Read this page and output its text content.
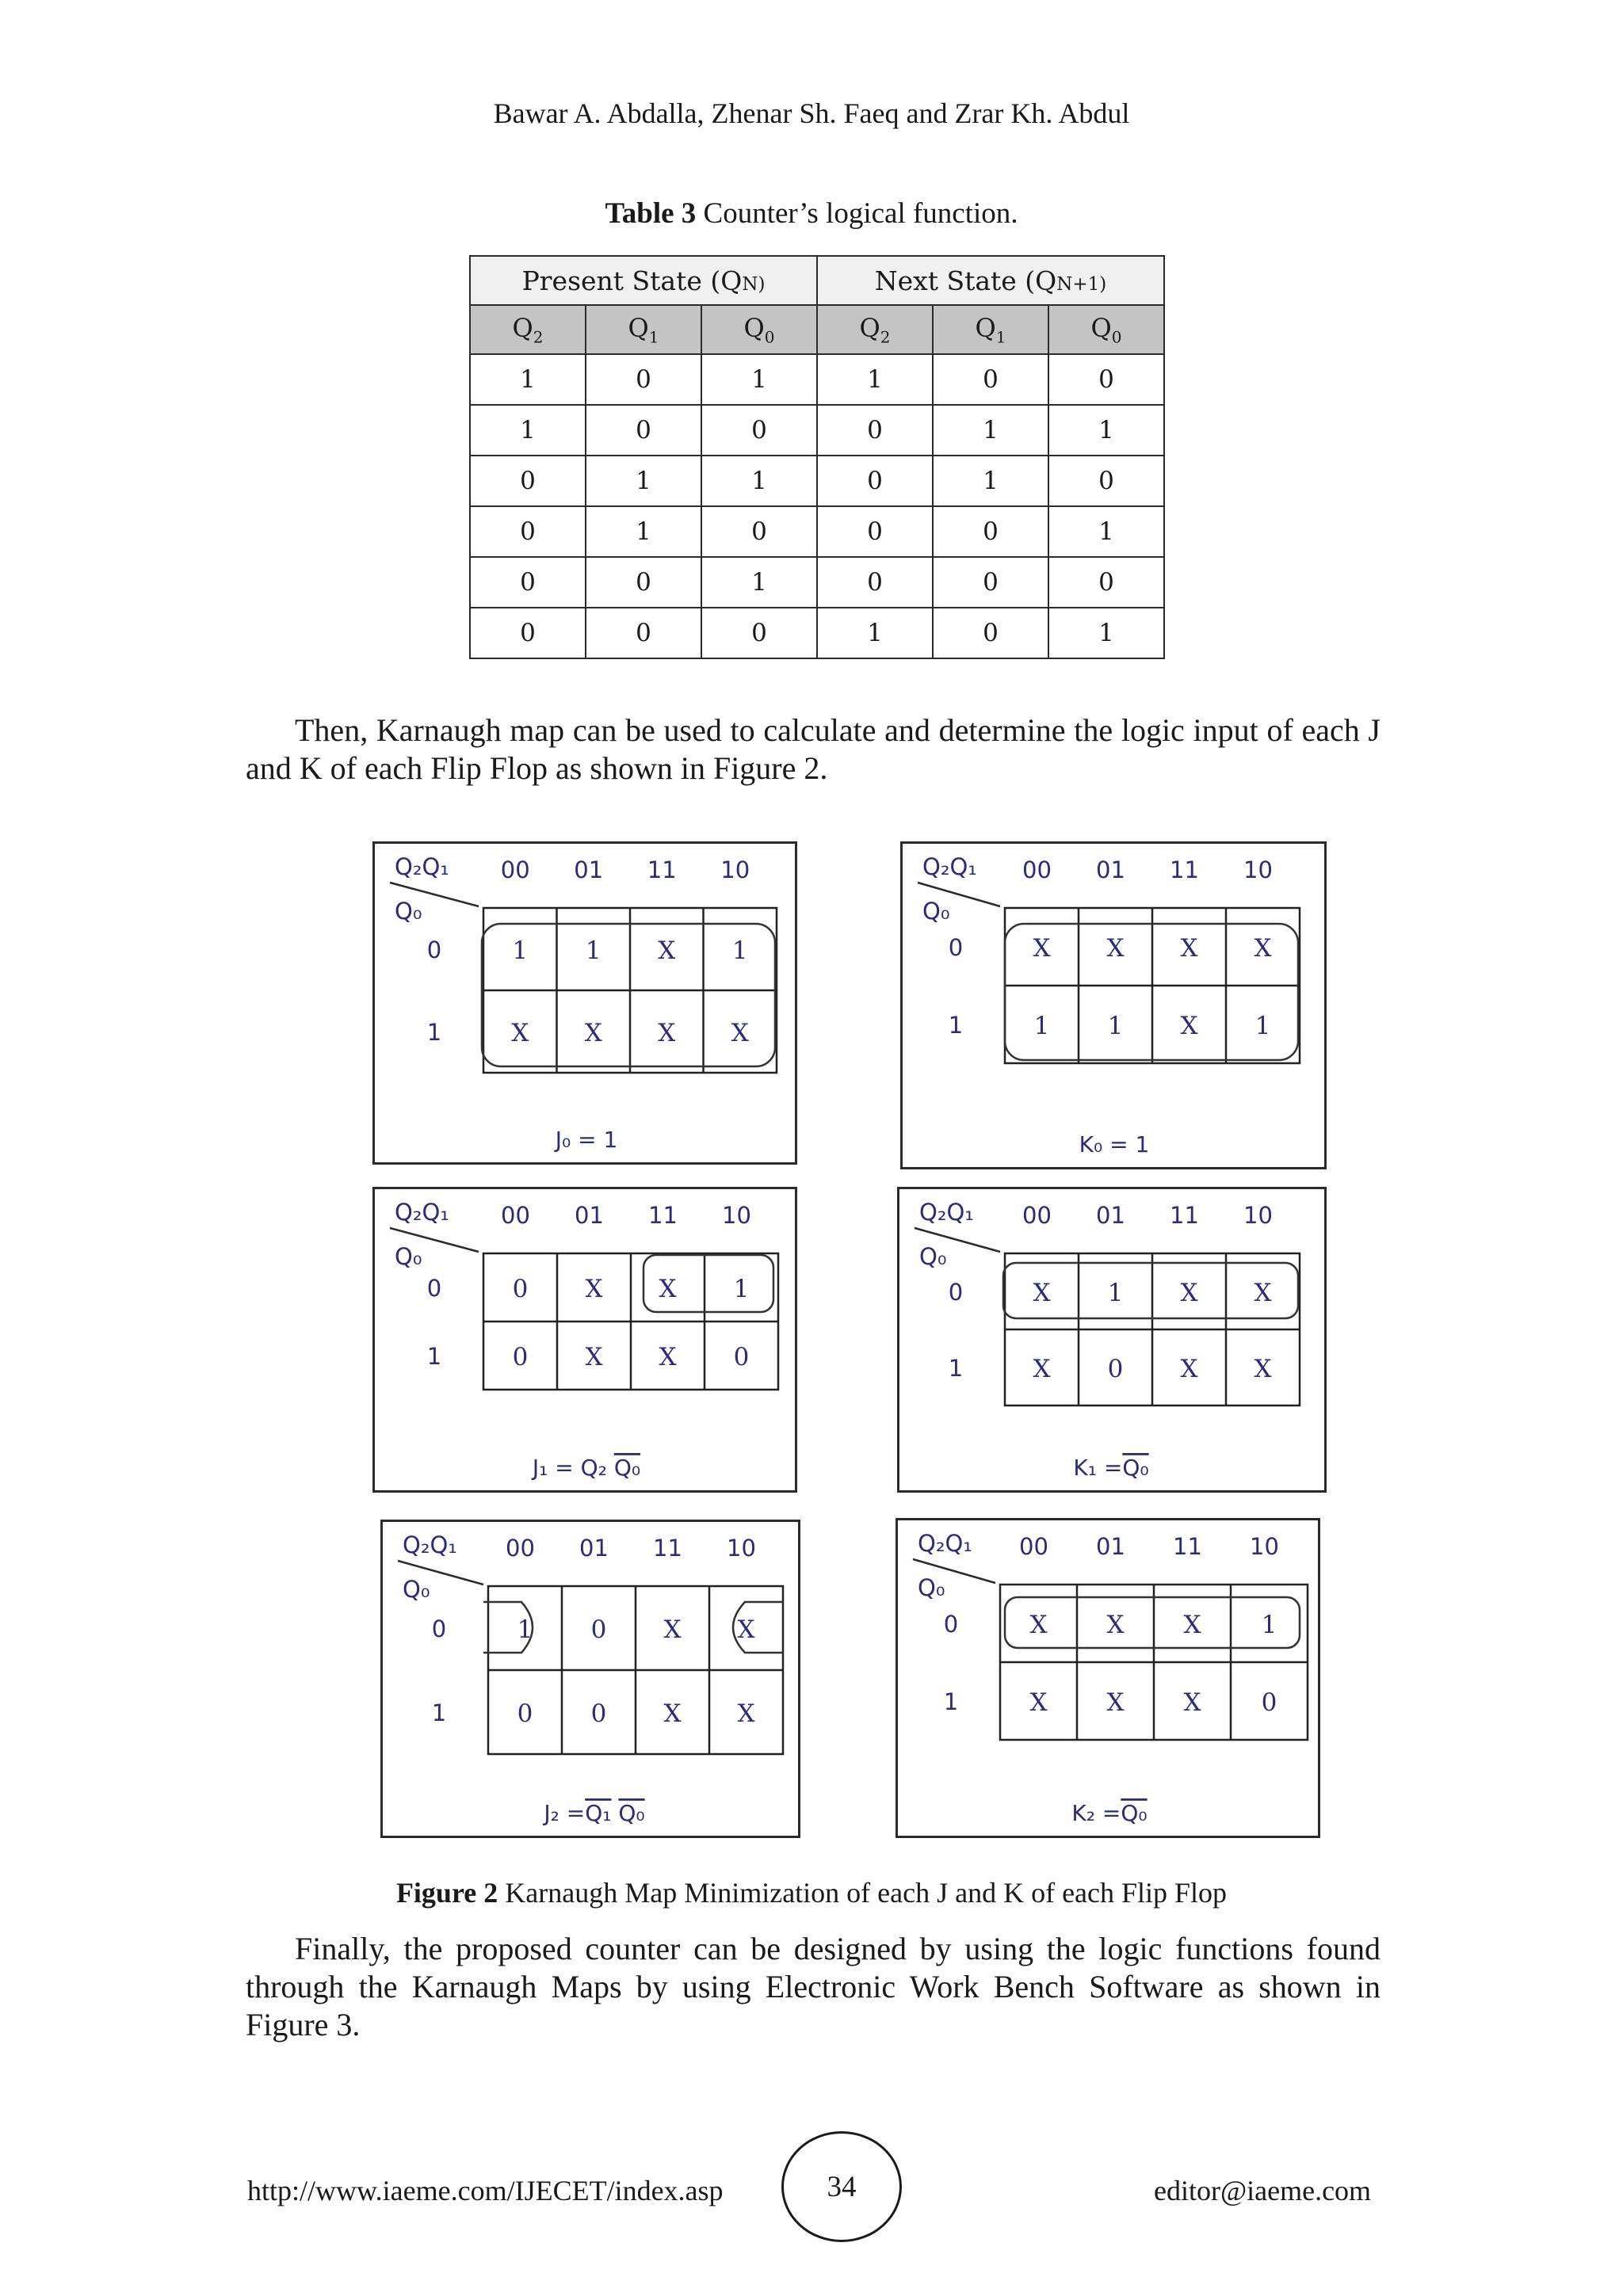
Bawar A. Abdalla, Zhenar Sh. Faeq and Zrar Kh. Abdul
Table 3 Counter’s logical function.
Present State (QN)			Next State (QN+1)		
$Q_2$	$Q_1$	$Q_0$	$Q_2$	$Q_1$	$Q_0$
1	0	1	1	0	0
1	0	0	0	1	1
0	1	1	0	1	0
0	1	0	0	0	1
0	0	1	0	0	0
0	0	0	1	0	1
Then, Karnaugh map can be used to calculate and determine the logic input of each J and K of each Flip Flop as shown in Figure 2.
Q₂Q₁
Q₀
00 01 11 10
0
1
1 1 X 1
X X X X
J₀ = 1
Q₂Q₁
Q₀
00 01 11 10
0
1
X X X X
1 1 X 1
K₀ = 1
Q₂Q₁
Q₀
00 01 11 10
0
1
0 X X 1
0 X X 0
J₁ = Q₂ Q₀
Q₂Q₁
Q₀
00 01 11 10
0
1
X 1 X X
X 0 X X
K₁ =Q₀
Q₂Q₁
Q₀
00 01 11 10
0
1
1 0 X X
0 0 X X
J₂ =Q₁ Q₀
Q₂Q₁
Q₀
00 01 11 10
0
1
X X X 1
X X X 0
K₂ =Q₀
Figure 2 Karnaugh Map Minimization of each J and K of each Flip Flop
Finally, the proposed counter can be designed by using the logic functions found through the Karnaugh Maps by using Electronic Work Bench Software as shown in Figure 3.
http://www.iaeme.com/IJECET/index.asp	34	editor@iaeme.com
